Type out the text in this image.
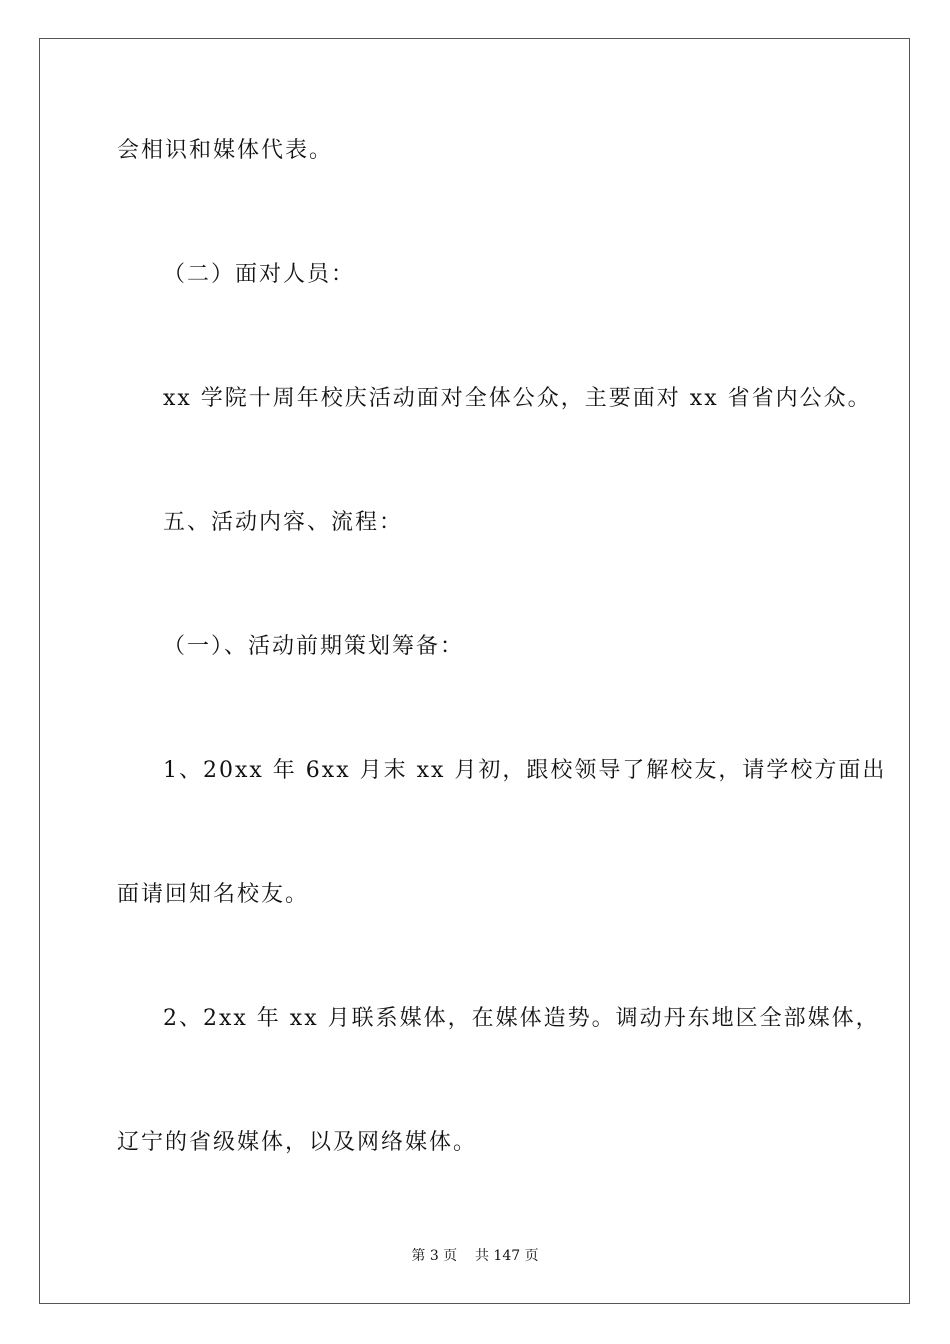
会相识和媒体代表。
（二）面对人员：
xx 学院十周年校庆活动面对全体公众，主要面对 xx 省省内公众。
五、活动内容、流程：
（一）、活动前期策划筹备：
1、20xx 年 6xx 月末 xx 月初，跟校领导了解校友，请学校方面出
面请回知名校友。
2、2xx 年 xx 月联系媒体，在媒体造势。调动丹东地区全部媒体，
辽宁的省级媒体，以及网络媒体。
第 3 页    共 147 页
